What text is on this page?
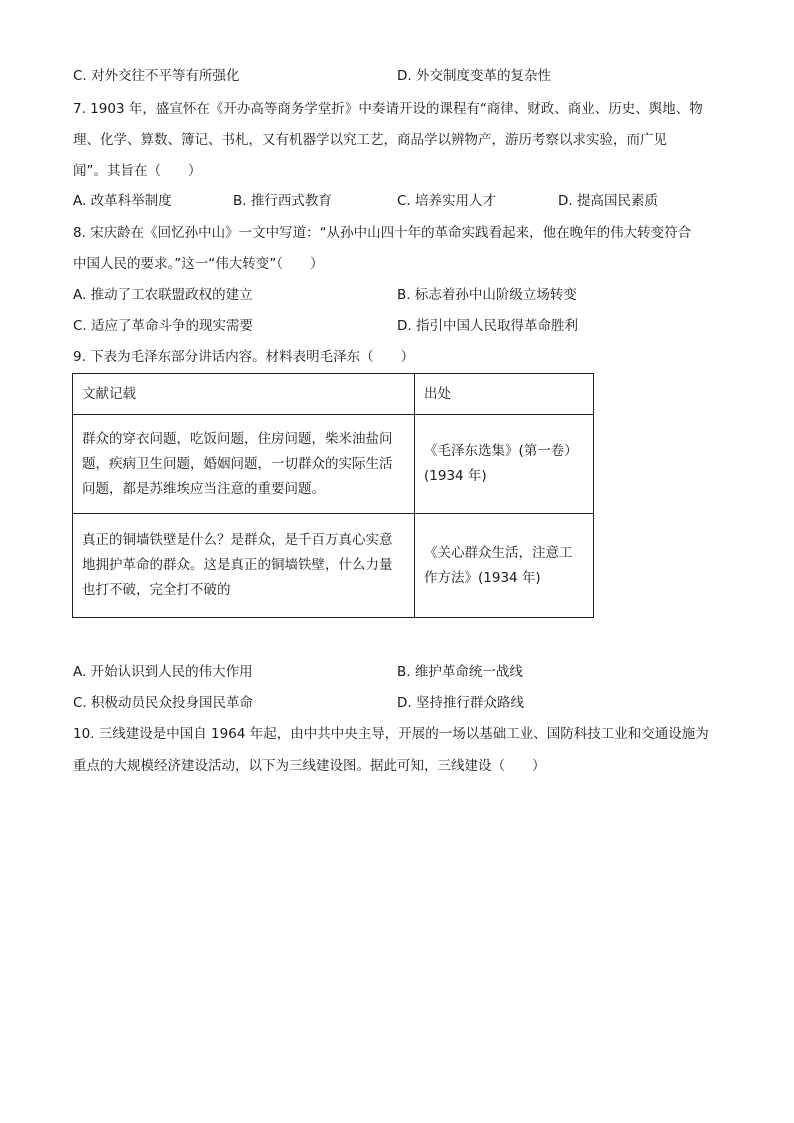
C. 对外交往不平等有所强化	D. 外交制度变革的复杂性
7. 1903 年，盛宣怀在《开办高等商务学堂折》中奏请开设的课程有“商律、财政、商业、历史、舆地、物
理、化学、算数、簿记、书札，又有机器学以究工艺，商品学以辨物产，游历考察以求实验，而广见
闻”。其旨在（　　）
A. 改革科举制度	B. 推行西式教育	C. 培养实用人才	D. 提高国民素质
8. 宋庆龄在《回忆孙中山》一文中写道：“从孙中山四十年的革命实践看起来，他在晚年的伟大转变符合
中国人民的要求。”这一“伟大转变”（　　）
A. 推动了工农联盟政权的建立	B. 标志着孙中山阶级立场转变
C. 适应了革命斗争的现实需要	D. 指引中国人民取得革命胜利
9. 下表为毛泽东部分讲话内容。材料表明毛泽东（　　）
文献记载	出处
群众的穿衣问题，吃饭问题，住房问题，柴米油盐问题，疾病卫生问题，婚姻问题，一切群众的实际生活问题，都是苏维埃应当注意的重要问题。	《毛泽东选集》(第一卷）(1934 年)
真正的铜墙铁壁是什么？是群众，是千百万真心实意地拥护革命的群众。这是真正的铜墙铁壁，什么力量也打不破，完全打不破的	《关心群众生活，注意工作方法》(1934 年)
A. 开始认识到人民的伟大作用	B. 维护革命统一战线
C. 积极动员民众投身国民革命	D. 坚持推行群众路线
10. 三线建设是中国自 1964 年起，由中共中央主导，开展的一场以基础工业、国防科技工业和交通设施为
重点的大规模经济建设活动，以下为三线建设图。据此可知，三线建设（　　）
